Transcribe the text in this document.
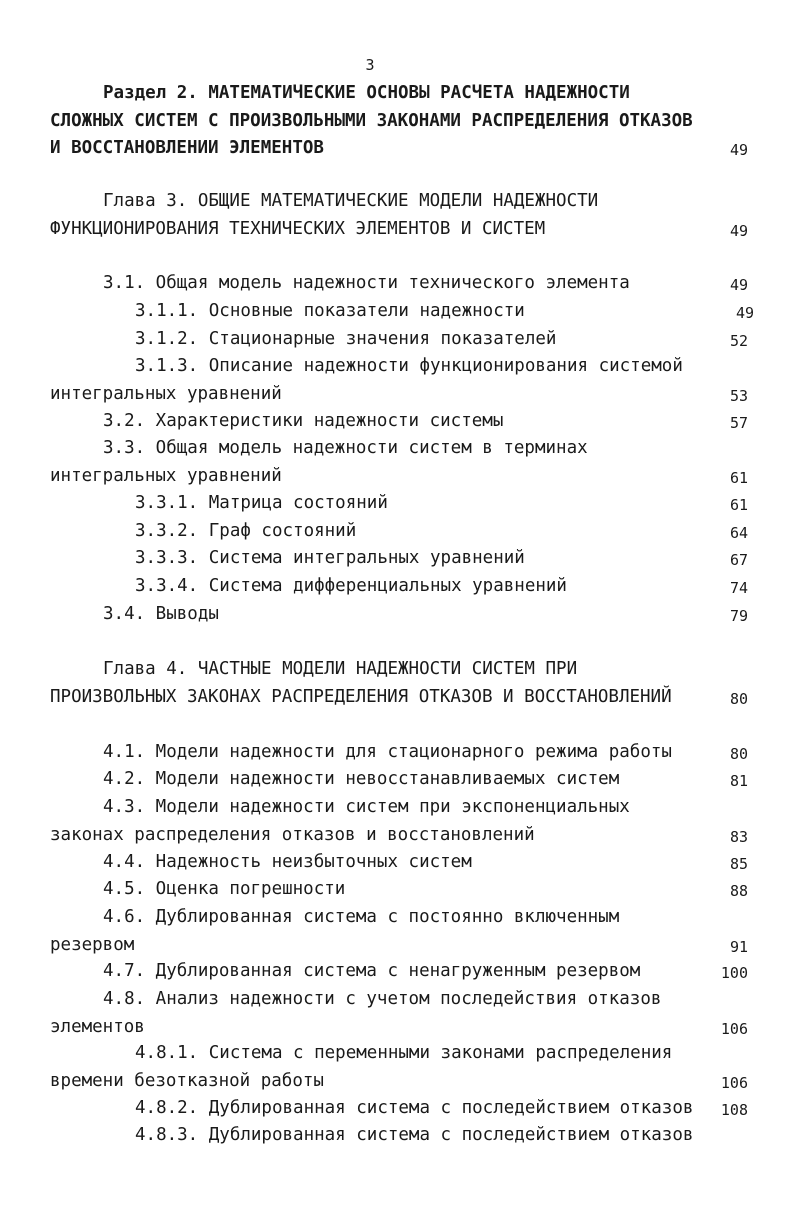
3
Раздел 2. МАТЕМАТИЧЕСКИЕ ОСНОВЫ РАСЧЕТА НАДЕЖНОСТИ
СЛОЖНЫХ СИСТЕМ С ПРОИЗВОЛЬНЫМИ ЗАКОНАМИ РАСПРЕДЕЛЕНИЯ ОТКАЗОВ
И ВОССТАНОВЛЕНИИ ЭЛЕМЕНТОВ	49
Глава 3. ОБЩИЕ МАТЕМАТИЧЕСКИЕ МОДЕЛИ НАДЕЖНОСТИ
ФУНКЦИОНИРОВАНИЯ ТЕХНИЧЕСКИХ ЭЛЕМЕНТОВ И СИСТЕМ	49
3.1. Общая модель надежности технического элемента	49
3.1.1. Основные показатели надежности	49
3.1.2. Стационарные значения показателей	52
3.1.3. Описание надежности функционирования системой
интегральных уравнений	53
3.2. Характеристики надежности системы	57
3.3. Общая модель надежности систем в терминах
интегральных уравнений	61
3.3.1. Матрица состояний	61
3.3.2. Граф состояний	64
3.3.3. Система интегральных уравнений	67
3.3.4. Система дифференциальных уравнений	74
3.4. Выводы	79
Глава 4. ЧАСТНЫЕ МОДЕЛИ НАДЕЖНОСТИ СИСТЕМ ПРИ
ПРОИЗВОЛЬНЫХ ЗАКОНАХ РАСПРЕДЕЛЕНИЯ ОТКАЗОВ И ВОССТАНОВЛЕНИЙ	80
4.1. Модели надежности для стационарного режима работы	80
4.2. Модели надежности невосстанавливаемых систем	81
4.3. Модели надежности систем при экспоненциальных
законах распределения отказов и восстановлений	83
4.4. Надежность неизбыточных систем	85
4.5. Оценка погрешности	88
4.6. Дублированная система с постоянно включенным
резервом	91
4.7. Дублированная система с ненагруженным резервом	100
4.8. Анализ надежности с учетом последействия отказов
элементов	106
4.8.1. Система с переменными законами распределения
времени безотказной работы	106
4.8.2. Дублированная система с последействием отказов 108
4.8.3. Дублированная система с последействием отказов
